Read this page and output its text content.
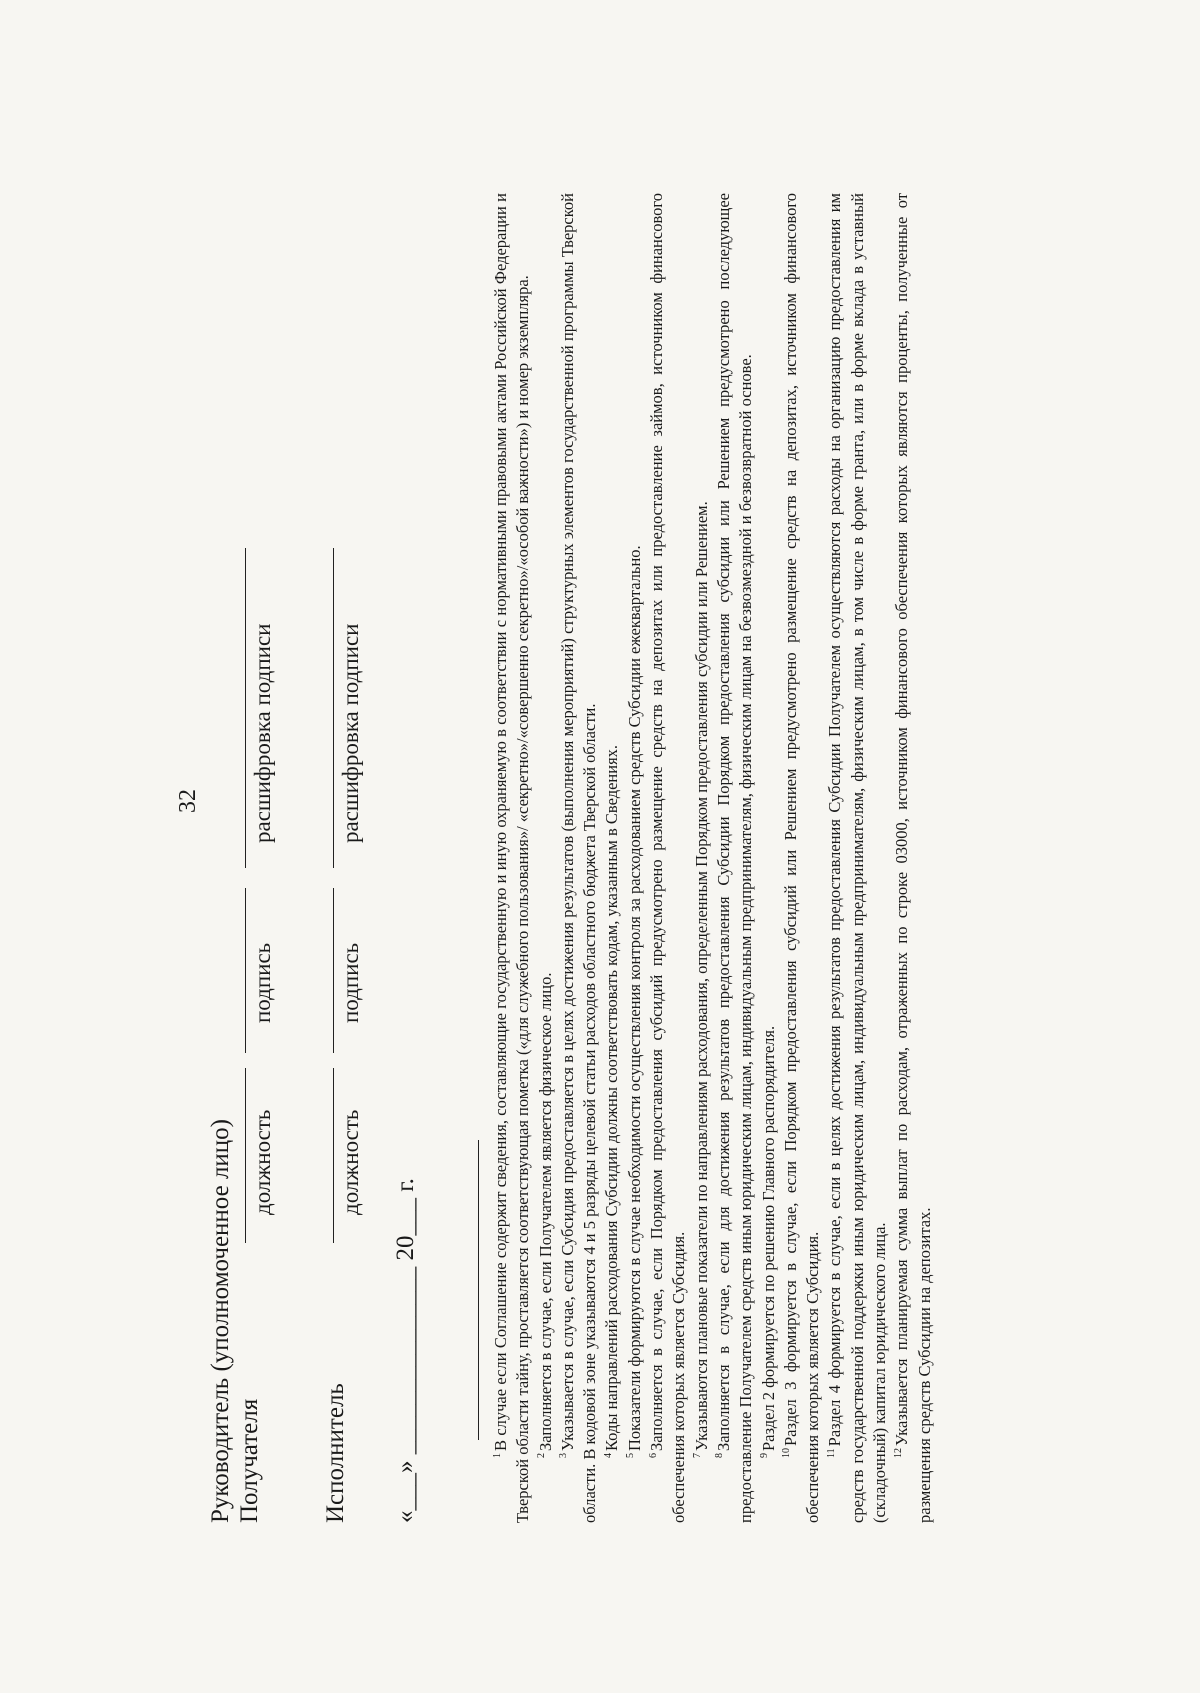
32
Руководитель (уполномоченное лицо) Получателя
должность
подпись
расшифровка подписи
Исполнитель
должность
подпись
расшифровка подписи
«___» _______________ 20___ г.	$^1$В случае если Соглашение содержит сведения, составляющие государственную и иную охраняемую в соответствии с нормативными правовыми актами Российской Федерации и Тверской области тайну, проставляется соответствующая пометка («для служебного пользования»/ «секретно»/«совершенно секретно»/«особой важности») и номер экземпляра. $^2$Заполняется в случае, если Получателем является физическое лицо.
$^3$Указывается в случае, если Субсидия предоставляется в целях достижения результатов (выполнения мероприятий) структурных элементов государственной программы Тверской области. В кодовой зоне указываются 4 и 5 разряды целевой статьи расходов областного бюджета Тверской области. $^4$Коды направлений расходования Субсидии должны соответствовать кодам, указанным в Сведениях.
$^5$Показатели формируются в случае необходимости осуществления контроля за расходованием средств Субсидии ежеквартально.
$^6$Заполняется в случае, если Порядком предоставления субсидий предусмотрено размещение средств на депозитах или предоставление займов, источником финансового обеспечения которых является Субсидия. $^7$Указываются плановые показатели по направлениям расходования, определенным Порядком предоставления субсидии или Решением.
$^8$Заполняется в случае, если для достижения результатов предоставления Субсидии Порядком предоставления субсидии или Решением предусмотрено последующее предоставление Получателем средств иным юридическим лицам, индивидуальным предпринимателям, физическим лицам на безвозмездной и безвозвратной основе. $^9$Раздел 2 формируется по решению Главного распорядителя.
$^{10}$Раздел 3 формируется в случае, если Порядком предоставления субсидий или Решением предусмотрено размещение средств на депозитах, источником финансового обеспечения которых является Субсидия. $^{11}$Раздел 4 формируется в случае, если в целях достижения результатов предоставления Субсидии Получателем осуществляются расходы на организацию предоставления им средств государственной поддержки иным юридическим лицам, индивидуальным предпринимателям, физическим лицам, в том числе в форме гранта, или в форме вклада в уставный (складочный) капитал юридического лица. $^{12}$Указывается планируемая сумма выплат по расходам, отраженных по строке 03000, источником финансового обеспечения которых являются проценты, полученные от размещения средств Субсидии на депозитах.
